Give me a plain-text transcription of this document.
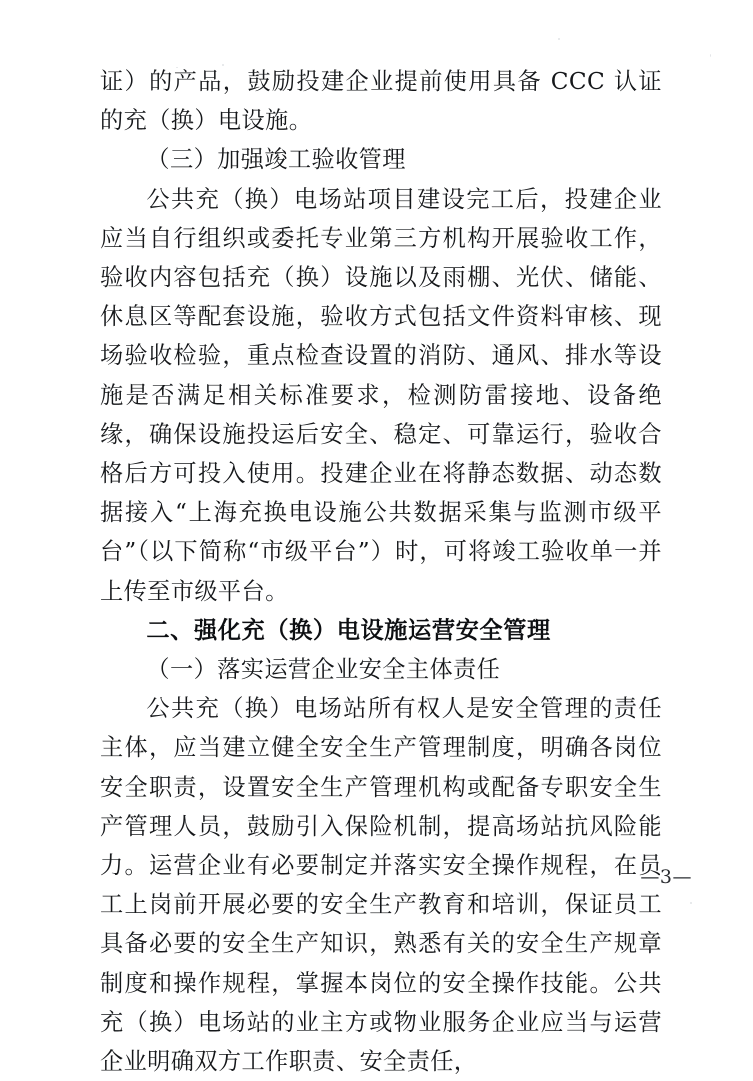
证）的产品，鼓励投建企业提前使用具备 CCC 认证的充（换）电设施。

（三）加强竣工验收管理

公共充（换）电场站项目建设完工后，投建企业应当自行组织或委托专业第三方机构开展验收工作，验收内容包括充（换）设施以及雨棚、光伏、储能、休息区等配套设施，验收方式包括文件资料审核、现场验收检验，重点检查设置的消防、通风、排水等设施是否满足相关标准要求，检测防雷接地、设备绝缘，确保设施投运后安全、稳定、可靠运行，验收合格后方可投入使用。投建企业在将静态数据、动态数据接入“上海充换电设施公共数据采集与监测市级平台”（以下简称“市级平台”）时，可将竣工验收单一并上传至市级平台。

二、强化充（换）电设施运营安全管理

（一）落实运营企业安全主体责任

公共充（换）电场站所有权人是安全管理的责任主体，应当建立健全安全生产管理制度，明确各岗位安全职责，设置安全生产管理机构或配备专职安全生产管理人员，鼓励引入保险机制，提高场站抗风险能力。运营企业有必要制定并落实安全操作规程，在员工上岗前开展必要的安全生产教育和培训，保证员工具备必要的安全生产知识，熟悉有关的安全生产规章制度和操作规程，掌握本岗位的安全操作技能。公共充（换）电场站的业主方或物业服务企业应当与运营企业明确双方工作职责、安全责任，

—3—
